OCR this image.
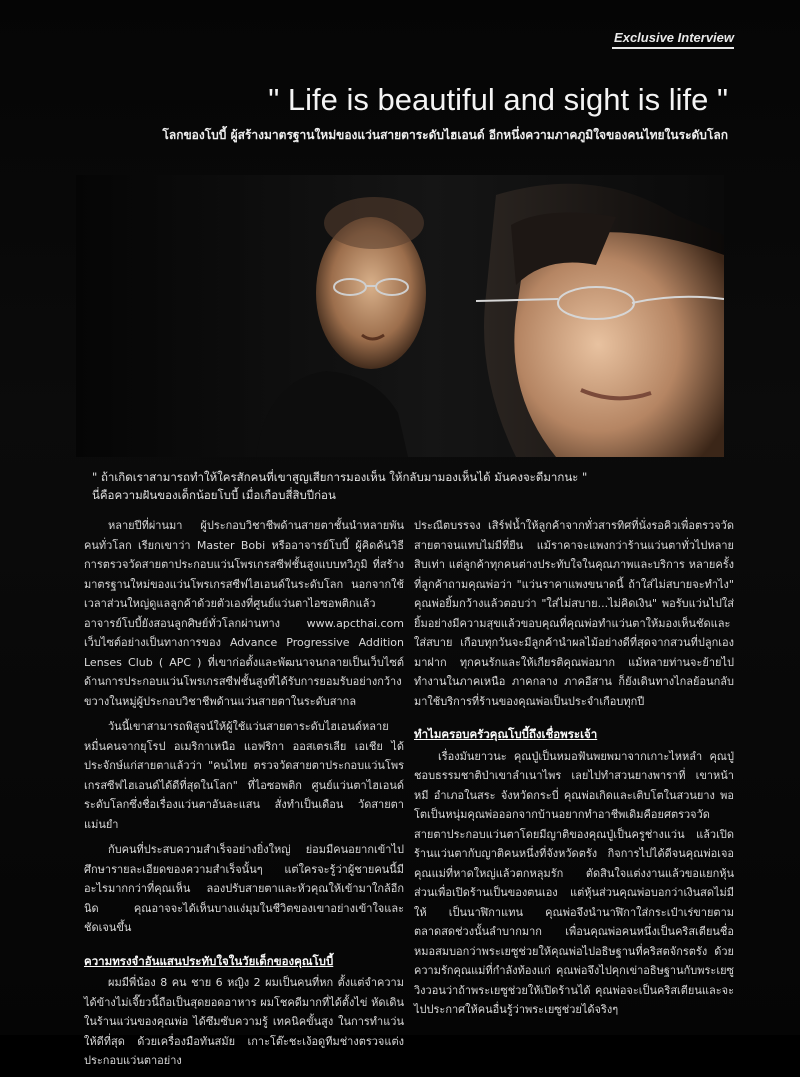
Exclusive Interview
" Life is beautiful and sight is life "
โลกของโบบี้ ผู้สร้างมาตรฐานใหม่ของแว่นสายตาระดับไฮเอนด์ อีกหนึ่งความภาคภูมิใจของคนไทยในระดับโลก
" ถ้าเกิดเราสามารถทำให้ใครสักคนที่เขาสูญเสียการมองเห็น ให้กลับมามองเห็นได้ มันคงจะดีมากนะ "
นี่คือความฝันของเด็กน้อยโบบี้ เมื่อเกือบสี่สิบปีก่อน

หลายปีที่ผ่านมา ผู้ประกอบวิชาชีพด้านสายตาชั้นนำหลายพันคนทั่วโลก เรียกเขาว่า Master Bobi หรืออาจารย์โบบี้ ผู้คิดค้นวิธีการตรวจวัดสายตาประกอบแว่นโพรเกรสซีฟชั้นสูงแบบทวิภูมิ ที่สร้างมาตรฐานใหม่ของแว่นโพรเกรสซีฟไฮเอนด์ในระดับโลก นอกจากใช้เวลาส่วนใหญ่ดูแลลูกค้าด้วยตัวเองที่ศูนย์แว่นตาไอซอพติกแล้ว อาจารย์โบบี้ยังสอนลูกศิษย์ทั่วโลกผ่านทาง www.apcthai.com เว็บไซต์อย่างเป็นทางการของ Advance Progressive Addition Lenses Club ( APC ) ที่เขาก่อตั้งและพัฒนาจนกลายเป็นเว็บไซต์ด้านการประกอบแว่นโพรเกรสซีฟชั้นสูงที่ได้รับการยอมรับอย่างกว้างขวางในหมู่ผู้ประกอบวิชาชีพด้านแว่นสายตาในระดับสากล

วันนี้เขาสามารถพิสูจน์ให้ผู้ใช้แว่นสายตาระดับไฮเอนด์หลายหมื่นคนจากยุโรป อเมริกาเหนือ แอฟริกา ออสเตรเลีย เอเชีย ได้ประจักษ์แก่สายตาแล้วว่า "คนไทย ตรวจวัดสายตาประกอบแว่นโพรเกรสซีฟไฮเอนด์ได้ดีที่สุดในโลก" ที่ไอซอพติก ศูนย์แว่นตาไฮเอนด์ระดับโลกซึ่งชื่อเรื่องแว่นตาอันละแสน สั่งทำเป็นเดือน วัดสายตาแม่นยำ

กับคนที่ประสบความสำเร็จอย่างยิ่งใหญ่ ย่อมมีคนอยากเข้าไปศึกษารายละเอียดของความสำเร็จนั้นๆ แต่ใครจะรู้ว่าผู้ชายคนนี้มีอะไรมากกว่าที่คุณเห็น ลองปรับสายตาและหัวคุณให้เข้ามาใกล้อีกนิด คุณอาจจะได้เห็นบางแง่มุมในชีวิตของเขาอย่างเข้าใจและชัดเจนขึ้น

ความทรงจำอันแสนประทับใจในวัยเด็กของคุณโบบี้

ผมมีพี่น้อง 8 คน ชาย 6 หญิง 2 ผมเป็นคนที่หก ตั้งแต่จำความได้ข้างไม่เจี๊ยวนี้ถือเป็นสุดยอดอาหาร ผมโชคดีมากที่ได้ตั้งไข่ หัดเดินในร้านแว่นของคุณพ่อ ได้ซึมซับความรู้ เทคนิคขั้นสูง ในการทำแว่นให้ดีที่สุด ด้วยเครื่องมือทันสมัย เกาะโต๊ะชะเง้อดูทีมช่างตรวจแต่งประกอบแว่นตาอย่าง

ประณีตบรรจง เสิร์ฟน้ำให้ลูกค้าจากทั่วสารทิศที่นั่งรอคิวเพื่อตรวจวัดสายตาจนแทบไม่มีที่ยืน แม้ราคาจะแพงกว่าร้านแว่นตาทั่วไปหลายสิบเท่า แต่ลูกค้าทุกคนต่างประทับใจในคุณภาพและบริการ หลายครั้งที่ลูกค้าถามคุณพ่อว่า "แว่นราคาแพงขนาดนี้ ถ้าใส่ไม่สบายจะทำไง" คุณพ่อยิ้มกว้างแล้วตอบว่า "ใส่ไม่สบาย...ไม่คิดเงิน" พอรับแว่นไปใส่ยิ้มอย่างมีความสุขแล้วขอบคุณที่คุณพ่อทำแว่นตาให้มองเห็นชัดและใส่สบาย เกือบทุกวันจะมีลูกค้านำผลไม้อย่างดีที่สุดจากสวนที่ปลูกเองมาฝาก ทุกคนรักและให้เกียรติคุณพ่อมาก แม้หลายท่านจะย้ายไปทำงานในภาคเหนือ ภาคกลาง ภาคอีสาน ก็ยังเดินทางไกลย้อนกลับมาใช้บริการที่ร้านของคุณพ่อเป็นประจำเกือบทุกปี

ทำไมครอบครัวคุณโบบี้ถึงเชื่อพระเจ้า

เรื่องมันยาวนะ คุณปู่เป็นหมอฟันพยพมาจากเกาะไหหลำ คุณปู่ชอบธรรมชาติป่าเขาลำเนาไพร เลยไปทำสวนยางพาราที่ เขาหน้าหมี อำเภอในสระ จังหวัดกระบี่ คุณพ่อเกิดและเติบโตในสวนยาง พอโตเป็นหนุ่มคุณพ่อออกจากบ้านอยากทำอาชีพเดิมคือยศตรวจวัดสายตาประกอบแว่นตาโดยมีญาติของคุณปู่เป็นครูช่างแว่น แล้วเปิดร้านแว่นตากับญาติคนหนึ่งที่จังหวัดตรัง กิจการไปได้ดีจนคุณพ่อเจอคุณแม่ที่หาดใหญ่แล้วตกหลุมรัก ตัดสินใจแต่งงานแล้วขอแยกหุ้นส่วนเพื่อเปิดร้านเป็นของตนเอง แต่หุ้นส่วนคุณพ่อบอกว่าเงินสดไม่มีให้ เป็นนาฬิกาแทน คุณพ่อจึงนำนาฬิกาใส่กระเป๋าเร่ขายตามตลาดสดช่วงนั้นลำบากมาก เพื่อนคุณพ่อคนหนึ่งเป็นคริสเตียนชื่อหมอสมบอกว่าพระเยซูช่วยให้คุณพ่อไปอธิษฐานที่คริสตจักรตรัง ด้วยความรักคุณแม่ที่กำลังท้องแก่ คุณพ่อจึงไปคุกเข่าอธิษฐานกับพระเยซูวิงวอนว่าถ้าพระเยซูช่วยให้เปิดร้านได้ คุณพ่อจะเป็นคริสเตียนและจะไปประกาศให้คนอื่นรู้ว่าพระเยซูช่วยได้จริงๆ
